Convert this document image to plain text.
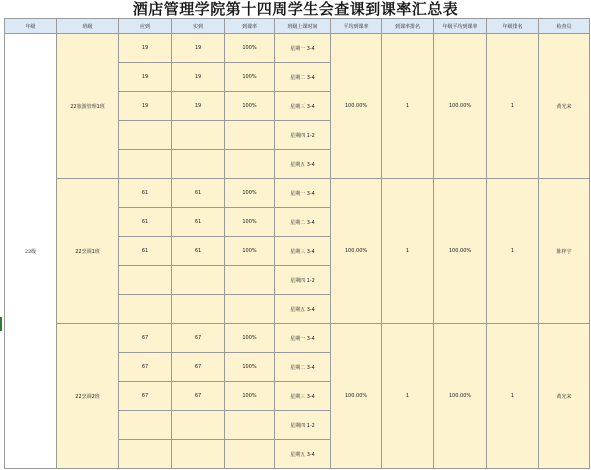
酒店管理学院第十四周学生会查课到课率汇总表
年级	班级	应到	实到	到课率	班级上课时间	平均到课率	到课率排名	年级平均到课率	年级排名	检查员
22级	22旅游管理1班	19	19	100%	星期一 3-4	100.00%	1	100.00%	1	黄光来
		19	19	100%	星期二 3-4					
		19	19	100%	星期三 3-4					
					星期四 1-2					
					星期五 3-4					
	22烹调1班	61	61	100%	星期一 3-4	100.00%	1	100.00%	1	陈梓宇
		61	61	100%	星期二 3-4					
		61	61	100%	星期三 3-4					
					星期四 1-2					
					星期五 3-4					
	22烹调2班	67	67	100%	星期一 3-4	100.00%	1	100.00%	1	黄光来
		67	67	100%	星期二 3-4					
		67	67	100%	星期三 3-4					
					星期四 1-2					
					星期五 3-4					
